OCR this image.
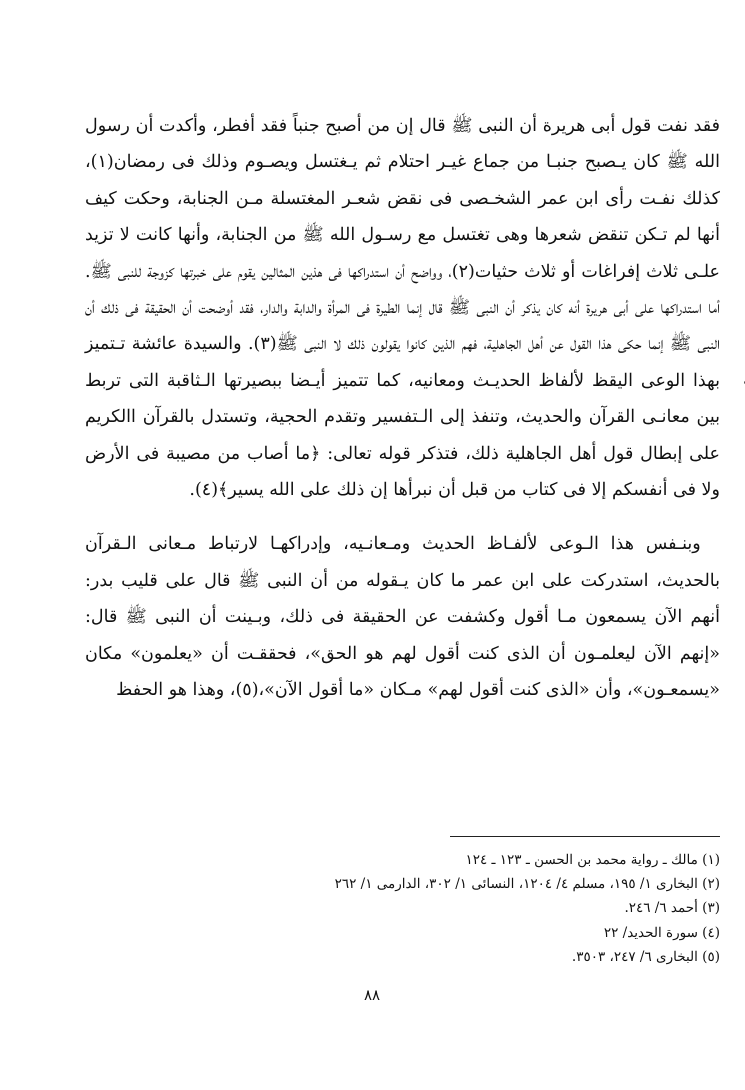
فقد نفت قول أبى هريرة أن النبى ﷺ قال إن من أصبح جنباً فقد أفطر، وأكدت أن رسول الله ﷺ كان يـصبح جنبـا من جماع غيـر احتلام ثم يـغتسل ويصـوم وذلك فى رمضان(١)، كذلك نفـت رأى ابن عمر الشخـصى فى نقض شعـر المغتسلة مـن الجنابة، وحكت كيف أنها لم تـكن تنقض شعرها وهى تغتسل مع رسـول الله ﷺ من الجنابة، وأنها كانت لا تزيد علـى ثلاث إفراغات أو ثلاث حثيات(٢)، وواضح أن استدراكها فى هذين المثالين يقوم على خبرتها كزوجة للنبى ﷺ. أما استدراكها على أبى هريرة أنه كان يذكر أن النبى ﷺ قال إنما الطيرة فى المرأة والدابة والدار، فقد أوضحت أن الحقيقة فى ذلك أن النبى ﷺ إنما حكى هذا القول عن أهل الجاهلية، فهم الذين كانوا يقولون ذلك لا النبى ﷺ(٣). والسيدة عائشة تـتميز بهذا الوعى اليقظ لألفاظ الحديـث ومعانيه، كما تتميز أيـضا ببصيرتها الـثاقبة التى تربط بين معانـى القرآن والحديث، وتنفذ إلى الـتفسير وتقدم الحجية، وتستدل بالقرآن االكريم على إبطال قول أهل الجاهلية ذلك، فتذكر قوله تعالى: ﴿ما أصاب من مصيبة فى الأرض ولا فى أنفسكم إلا فى كتاب من قبل أن نبرأها إن ذلك على الله يسير﴾(٤).

وبنـفس هذا الـوعى لألفـاظ الحديث ومـعانـيه، وإدراكهـا لارتباط مـعانى الـقرآن بالحديث، استدركت على ابن عمر ما كان يـقوله من أن النبى ﷺ قال على قليب بدر: أنهم الآن يسمعون مـا أقول وكشفت عن الحقيقة فى ذلك، وبـينت أن النبى ﷺ قال: «إنهم الآن ليعلمـون أن الذى كنت أقول لهم هو الحق»، فحققـت أن «يعلمون» مكان «يسمعـون»، وأن «الذى كنت أقول لهم» مـكان «ما أقول الآن»،(٥)، وهذا هو الحفظ

(١) مالك ـ رواية محمد بن الحسن ـ ١٢٣ ـ ١٢٤
(٢) البخارى ١/ ١٩٥، مسلم ٤/ ١٢٠٤، النسائى ١/ ٣٠٢، الدارمى ١/ ٢٦٢
(٣) أحمد ٦/ ٢٤٦.
(٤) سورة الحديد/ ٢٢
(٥) البخارى ٦/ ٢٤٧، ٣٥٠٣.
٨٨
